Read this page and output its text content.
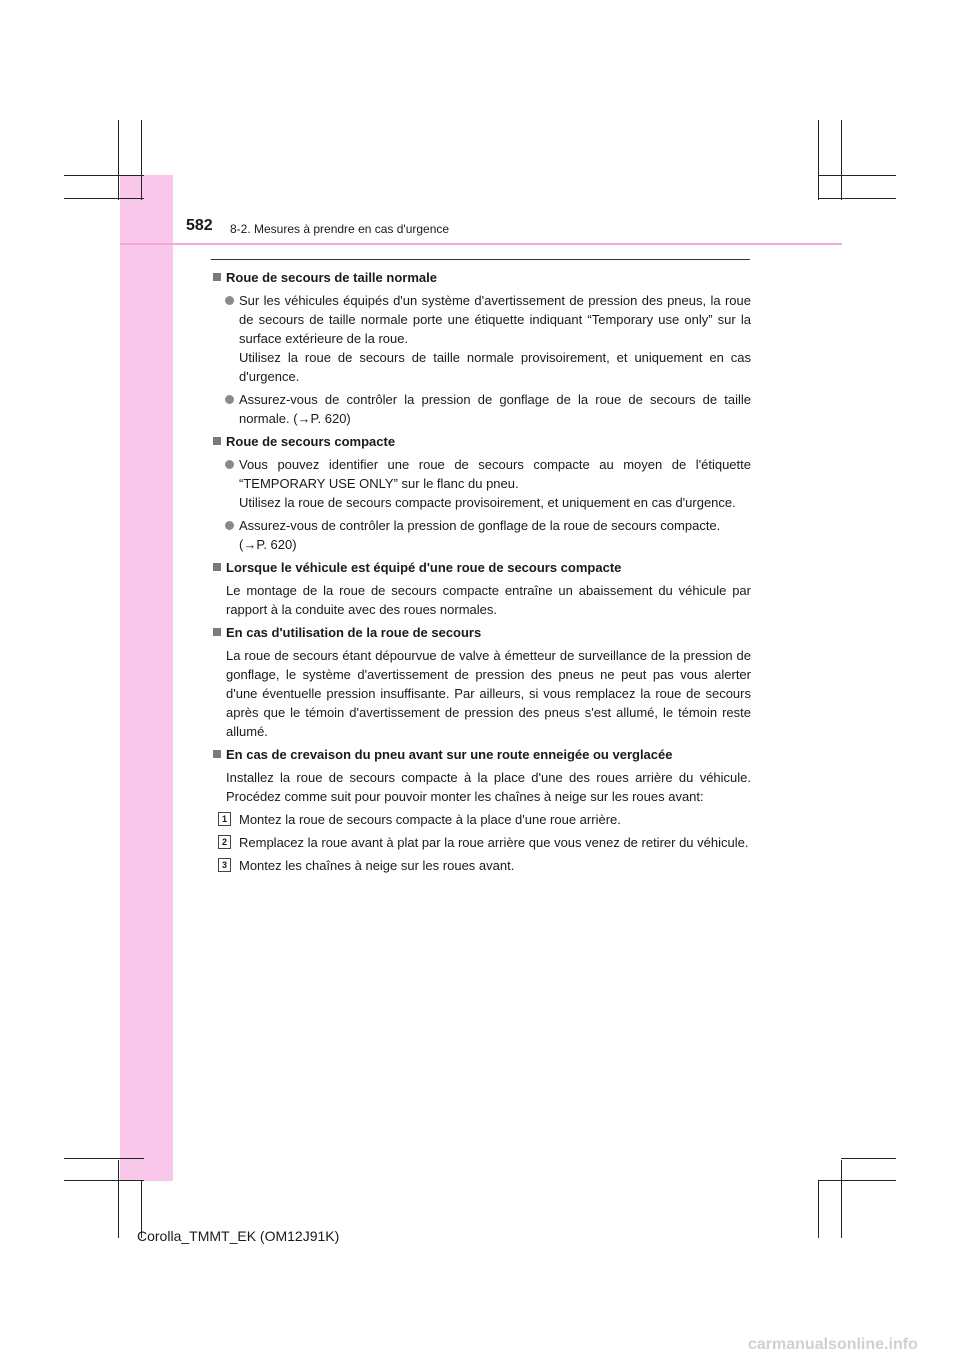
582 8-2. Mesures à prendre en cas d'urgence
Roue de secours de taille normale
Sur les véhicules équipés d'un système d'avertissement de pression des pneus, la roue de secours de taille normale porte une étiquette indiquant “Temporary use only” sur la surface extérieure de la roue.
Utilisez la roue de secours de taille normale provisoirement, et uniquement en cas d'urgence.
Assurez-vous de contrôler la pression de gonflage de la roue de secours de taille normale. (→P. 620)
Roue de secours compacte
Vous pouvez identifier une roue de secours compacte au moyen de l'étiquette “TEMPORARY USE ONLY” sur le flanc du pneu.
Utilisez la roue de secours compacte provisoirement, et uniquement en cas d'urgence.
Assurez-vous de contrôler la pression de gonflage de la roue de secours compacte.
(→P. 620)
Lorsque le véhicule est équipé d'une roue de secours compacte
Le montage de la roue de secours compacte entraîne un abaissement du véhicule par rapport à la conduite avec des roues normales.
En cas d'utilisation de la roue de secours
La roue de secours étant dépourvue de valve à émetteur de surveillance de la pression de gonflage, le système d'avertissement de pression des pneus ne peut pas vous alerter d'une éventuelle pression insuffisante. Par ailleurs, si vous remplacez la roue de secours après que le témoin d'avertissement de pression des pneus s'est allumé, le témoin reste allumé.
En cas de crevaison du pneu avant sur une route enneigée ou verglacée
Installez la roue de secours compacte à la place d'une des roues arrière du véhicule. Procédez comme suit pour pouvoir monter les chaînes à neige sur les roues avant:
1 Montez la roue de secours compacte à la place d'une roue arrière.
2 Remplacez la roue avant à plat par la roue arrière que vous venez de retirer du véhicule.
3 Montez les chaînes à neige sur les roues avant.
Corolla_TMMT_EK (OM12J91K)
carmanualsonline.info
